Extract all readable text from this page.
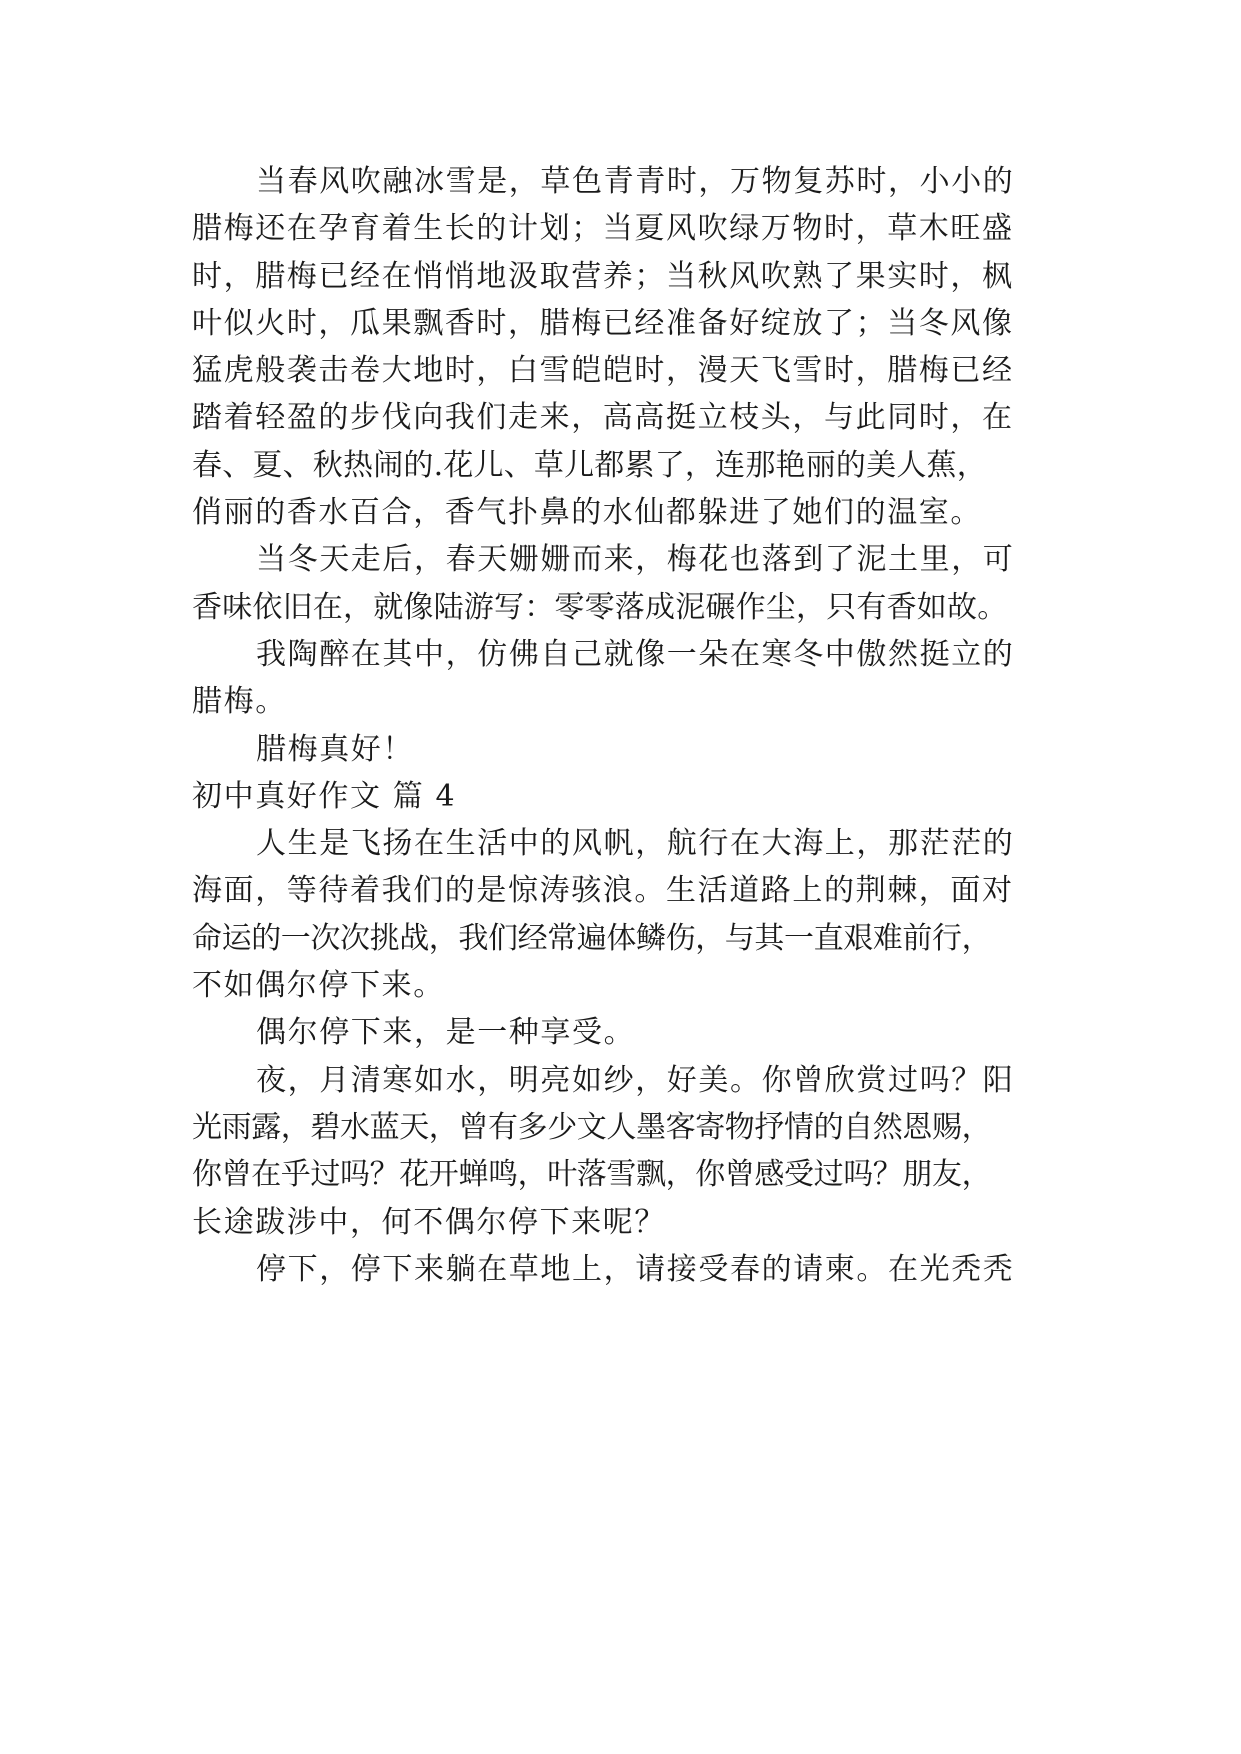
当春风吹融冰雪是，草色青青时，万物复苏时，小小的
腊梅还在孕育着生长的计划；当夏风吹绿万物时，草木旺盛
时，腊梅已经在悄悄地汲取营养；当秋风吹熟了果实时，枫
叶似火时，瓜果飘香时，腊梅已经准备好绽放了；当冬风像
猛虎般袭击卷大地时，白雪皑皑时，漫天飞雪时，腊梅已经
踏着轻盈的步伐向我们走来，高高挺立枝头，与此同时，在
春、夏、秋热闹的.花儿、草儿都累了，连那艳丽的美人蕉，
俏丽的香水百合，香气扑鼻的水仙都躲进了她们的温室。
当冬天走后，春天姗姗而来，梅花也落到了泥土里，可
香味依旧在，就像陆游写：零零落成泥碾作尘，只有香如故。
我陶醉在其中，仿佛自己就像一朵在寒冬中傲然挺立的
腊梅。
腊梅真好！
初中真好作文 篇 4
人生是飞扬在生活中的风帆，航行在大海上，那茫茫的
海面，等待着我们的是惊涛骇浪。生活道路上的荆棘，面对
命运的一次次挑战，我们经常遍体鳞伤，与其一直艰难前行，
不如偶尔停下来。
偶尔停下来，是一种享受。
夜，月清寒如水，明亮如纱，好美。你曾欣赏过吗？阳
光雨露，碧水蓝天，曾有多少文人墨客寄物抒情的自然恩赐，
你曾在乎过吗？花开蝉鸣，叶落雪飘，你曾感受过吗？朋友，
长途跋涉中，何不偶尔停下来呢？
停下，停下来躺在草地上，请接受春的请柬。在光秃秃
